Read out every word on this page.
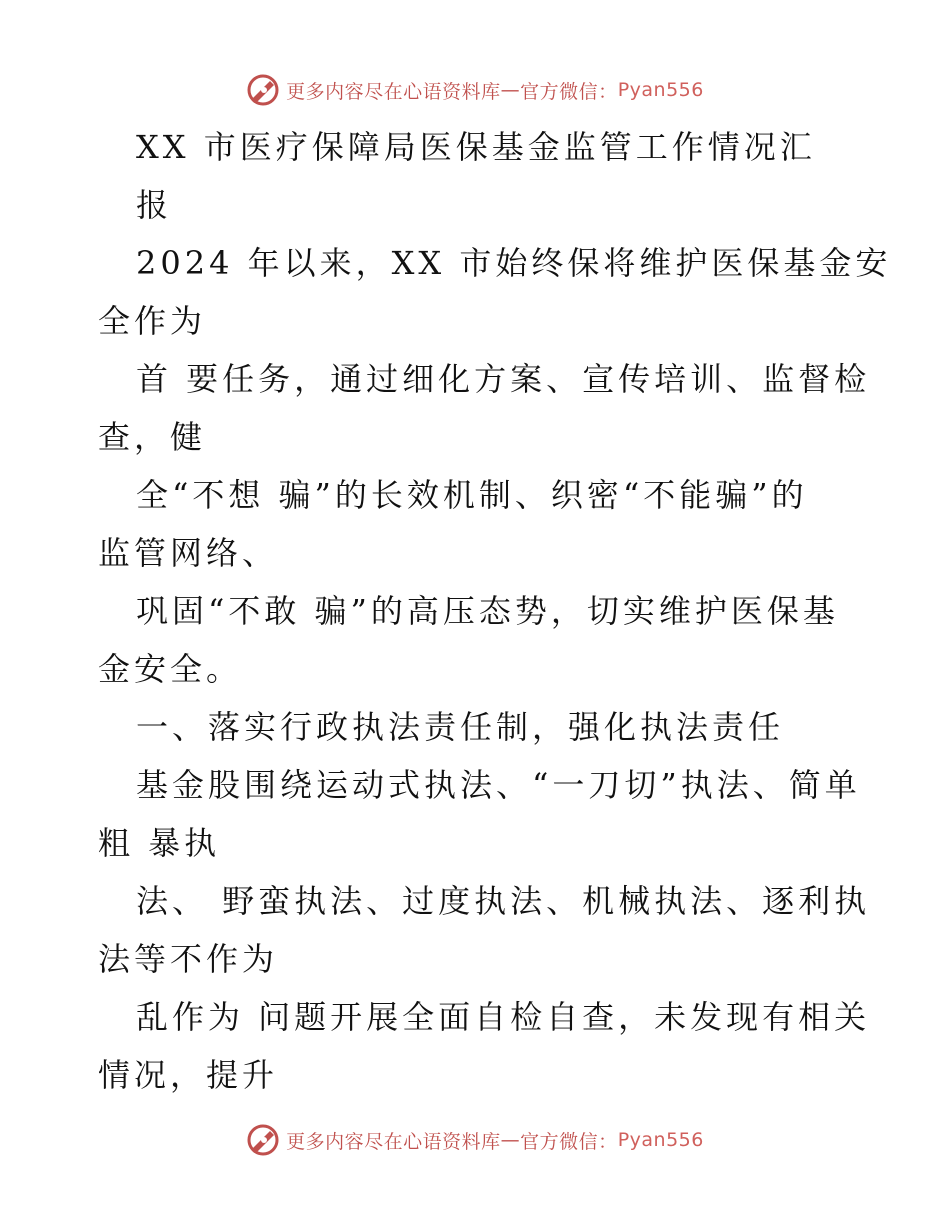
更多内容尽在心语资料库 — 官方微信： Pyan556
XX 市医疗保障局医保基金监管工作情况汇
报
2024 年以来，XX 市始终保将维护医保基金安
全作为
首 要任务，通过细化方案、宣传培训、监督检
查，健
全“不想 骗”的长效机制、织密“不能骗”的
监管网络、
巩固“不敢 骗”的高压态势，切实维护医保基
金安全。
一、落实行政执法责任制，强化执法责任
基金股围绕运动式执法、“一刀切”执法、简单
粗 暴执
法、 野蛮执法、过度执法、机械执法、逐利执
法等不作为
乱作为 问题开展全面自检自查，未发现有相关
情况，提升
更多内容尽在心语资料库 — 官方微信： Pyan556
